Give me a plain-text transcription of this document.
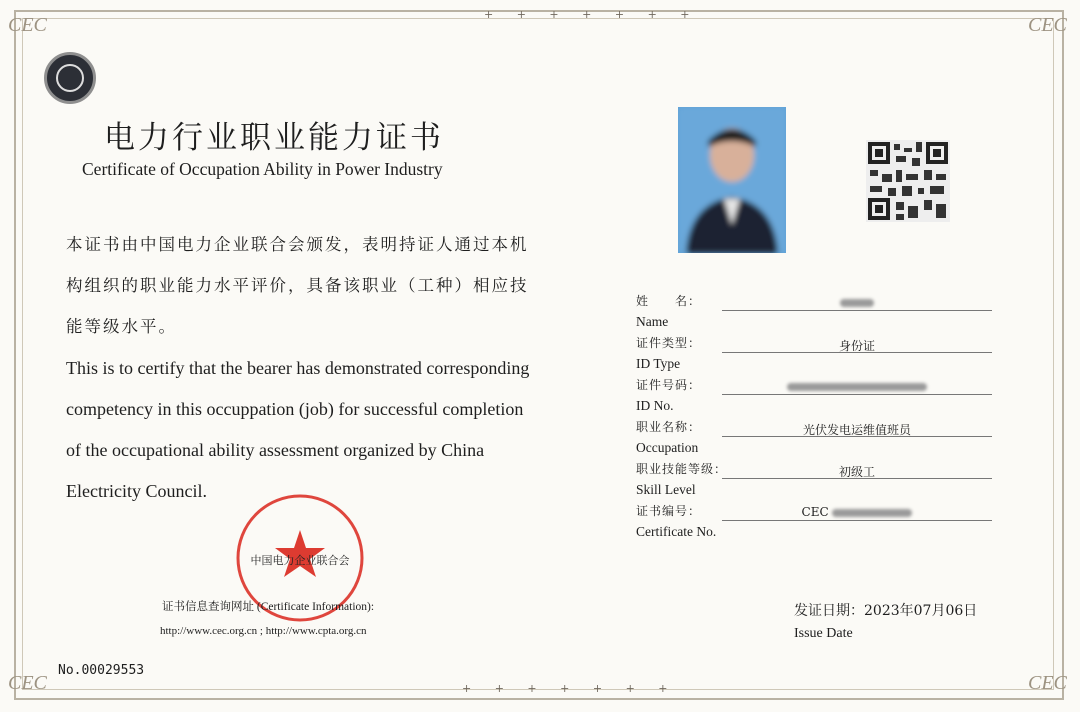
CEC	CEC
CEC	CEC
+ + + + + + +
+ + + + + + +
电力行业职业能力证书
Certificate of Occupation Ability in Power Industry
本证书由中国电力企业联合会颁发，表明持证人通过本机构组织的职业能力水平评价，具备该职业（工种）相应技能等级水平。
This is to certify that the bearer has demonstrated corresponding competency in this occuppation (job) for successful completion of the occupational ability assessment organized by China Electricity Council.
中国电力企业联合会
证书信息查询网址 (Certificate Information):
http://www.cec.org.cn ; http://www.cpta.org.cn
No.00029553
姓　　名：
Name
证件类型：
ID Type
身份证
证件号码：
ID No.
职业名称：
Occupation
光伏发电运维值班员
职业技能等级：
Skill Level
初级工
证书编号：
Certificate No.
CEC
发证日期：2023年07月06日
Issue Date
